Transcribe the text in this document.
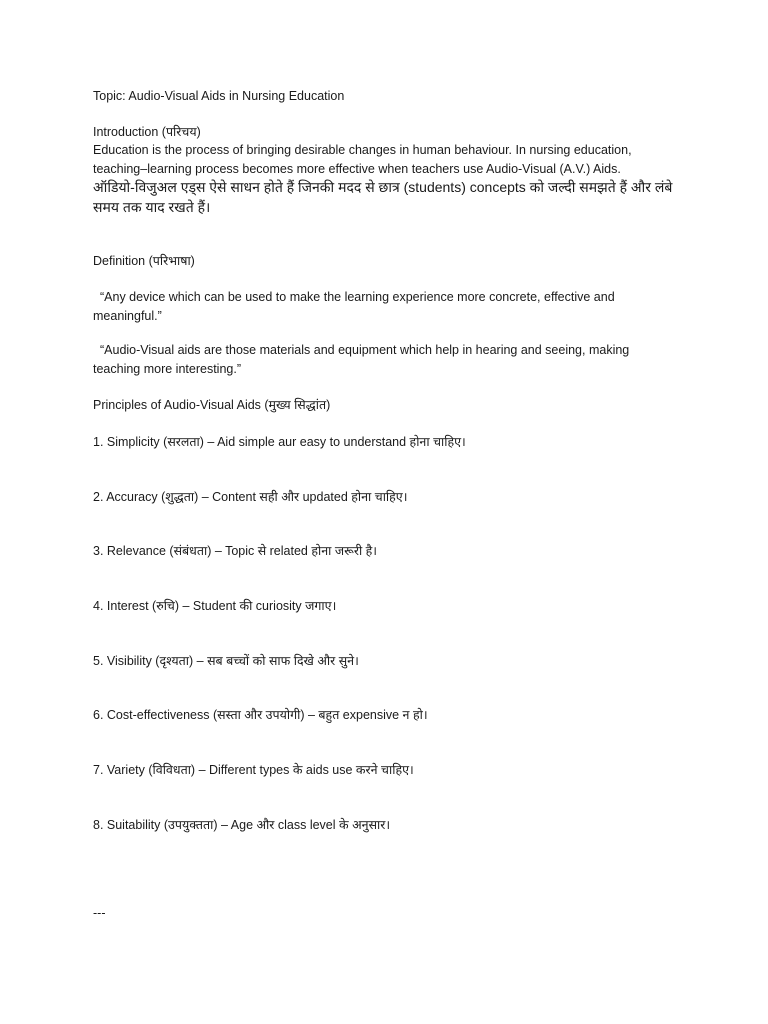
Topic: Audio-Visual Aids in Nursing Education
Introduction (परिचय)
Education is the process of bringing desirable changes in human behaviour. In nursing education, teaching–learning process becomes more effective when teachers use Audio-Visual (A.V.) Aids.
ऑडियो-विजुअल एड्स ऐसे साधन होते हैं जिनकी मदद से छात्र (students) concepts को जल्दी समझते हैं और लंबे समय तक याद रखते हैं।
Definition (परिभाषा)
“Any device which can be used to make the learning experience more concrete, effective and meaningful.”
“Audio-Visual aids are those materials and equipment which help in hearing and seeing, making teaching more interesting.”
Principles of Audio-Visual Aids (मुख्य सिद्धांत)
1. Simplicity (सरलता) – Aid simple aur easy to understand होना चाहिए।
2. Accuracy (शुद्धता) – Content सही और updated होना चाहिए।
3. Relevance (संबंधता) – Topic से related होना जरूरी है।
4. Interest (रुचि) – Student की curiosity जगाए।
5. Visibility (दृश्यता) – सब बच्चों को साफ दिखे और सुने।
6. Cost-effectiveness (सस्ता और उपयोगी) – बहुत expensive न हो।
7. Variety (विविधता) – Different types के aids use करने चाहिए।
8. Suitability (उपयुक्तता) – Age और class level के अनुसार।
---
